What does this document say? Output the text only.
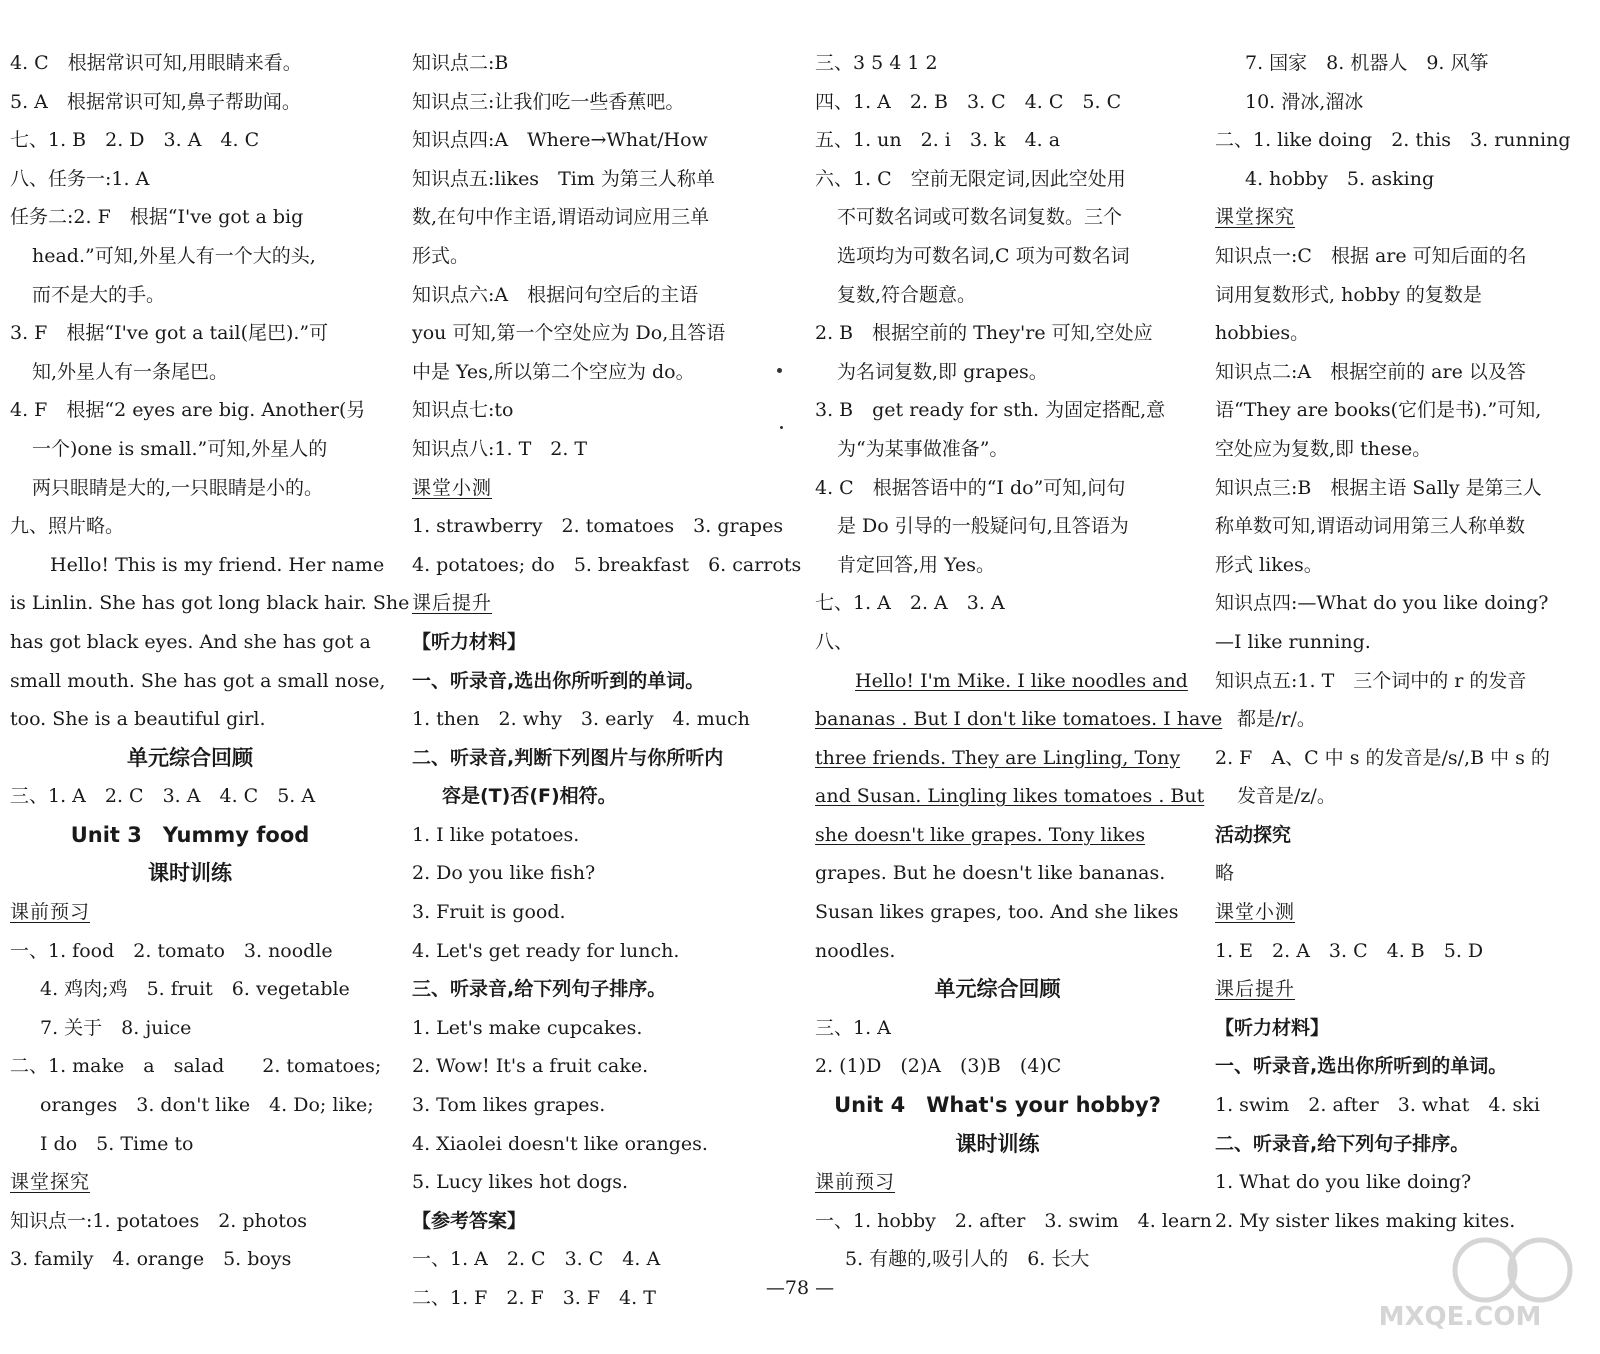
4. C　根据常识可知,用眼睛来看。
5. A　根据常识可知,鼻子帮助闻。
七、1. B　2. D　3. A　4. C
八、任务一:1. A
任务二:2. F　根据“I've got a big
head.”可知,外星人有一个大的头,
而不是大的手。
3. F　根据“I've got a tail(尾巴).”可
知,外星人有一条尾巴。
4. F　根据“2 eyes are big. Another(另
一个)one is small.”可知,外星人的
两只眼睛是大的,一只眼睛是小的。
九、照片略。
Hello! This is my friend. Her name
is Linlin. She has got long black hair. She
has got black eyes. And she has got a
small mouth. She has got a small nose,
too. She is a beautiful girl.
单元综合回顾
三、1. A　2. C　3. A　4. C　5. A
Unit 3　Yummy food
课时训练
课前预习
一、1. food　2. tomato　3. noodle
4. 鸡肉;鸡　5. fruit　6. vegetable
7. 关于　8. juice
二、1. make　a　salad　　2. tomatoes;
oranges　3. don't like　4. Do; like;
I do　5. Time to
课堂探究
知识点一:1. potatoes　2. photos
3. family　4. orange　5. boys
知识点二:B
知识点三:让我们吃一些香蕉吧。
知识点四:A　Where→What/How
知识点五:likes　Tim 为第三人称单
数,在句中作主语,谓语动词应用三单
形式。
知识点六:A　根据问句空后的主语
you 可知,第一个空处应为 Do,且答语
中是 Yes,所以第二个空应为 do。
知识点七:to
知识点八:1. T　2. T
课堂小测
1. strawberry　2. tomatoes　3. grapes
4. potatoes; do　5. breakfast　6. carrots
课后提升
【听力材料】
一、听录音,选出你所听到的单词。
1. then　2. why　3. early　4. much
二、听录音,判断下列图片与你所听内
容是(T)否(F)相符。
1. I like potatoes.
2. Do you like fish?
3. Fruit is good.
4. Let's get ready for lunch.
三、听录音,给下列句子排序。
1. Let's make cupcakes.
2. Wow! It's a fruit cake.
3. Tom likes grapes.
4. Xiaolei doesn't like oranges.
5. Lucy likes hot dogs.
【参考答案】
一、1. A　2. C　3. C　4. A
二、1. F　2. F　3. F　4. T
三、3 5 4 1 2
四、1. A　2. B　3. C　4. C　5. C
五、1. un　2. i　3. k　4. a
六、1. C　空前无限定词,因此空处用
不可数名词或可数名词复数。三个
选项均为可数名词,C 项为可数名词
复数,符合题意。
2. B　根据空前的 They're 可知,空处应
为名词复数,即 grapes。
3. B　get ready for sth. 为固定搭配,意
为“为某事做准备”。
4. C　根据答语中的“I do”可知,问句
是 Do 引导的一般疑问句,且答语为
肯定回答,用 Yes。
七、1. A　2. A　3. A
八、
Hello! I'm Mike. I like noodles and
bananas . But I don't like tomatoes. I have
three friends. They are Lingling, Tony
and Susan. Lingling likes tomatoes . But
she doesn't like grapes. Tony likes
grapes. But he doesn't like bananas.
Susan likes grapes, too. And she likes
noodles.
单元综合回顾
三、1. A
2. (1)D　(2)A　(3)B　(4)C
Unit 4　What's your hobby?
课时训练
课前预习
一、1. hobby　2. after　3. swim　4. learn
5. 有趣的,吸引人的　6. 长大
7. 国家　8. 机器人　9. 风筝
10. 滑冰,溜冰
二、1. like doing　2. this　3. running
4. hobby　5. asking
课堂探究
知识点一:C　根据 are 可知后面的名
词用复数形式, hobby 的复数是
hobbies。
知识点二:A　根据空前的 are 以及答
语“They are books(它们是书).”可知,
空处应为复数,即 these。
知识点三:B　根据主语 Sally 是第三人
称单数可知,谓语动词用第三人称单数
形式 likes。
知识点四:—What do you like doing?
—I like running.
知识点五:1. T　三个词中的 r 的发音
都是/r/。
2. F　A、C 中 s 的发音是/s/,B 中 s 的
发音是/z/。
活动探究
略
课堂小测
1. E　2. A　3. C　4. B　5. D
课后提升
【听力材料】
一、听录音,选出你所听到的单词。
1. swim　2. after　3. what　4. ski
二、听录音,给下列句子排序。
1. What do you like doing?
2. My sister likes making kites.
—78 —
MXQE.COM
